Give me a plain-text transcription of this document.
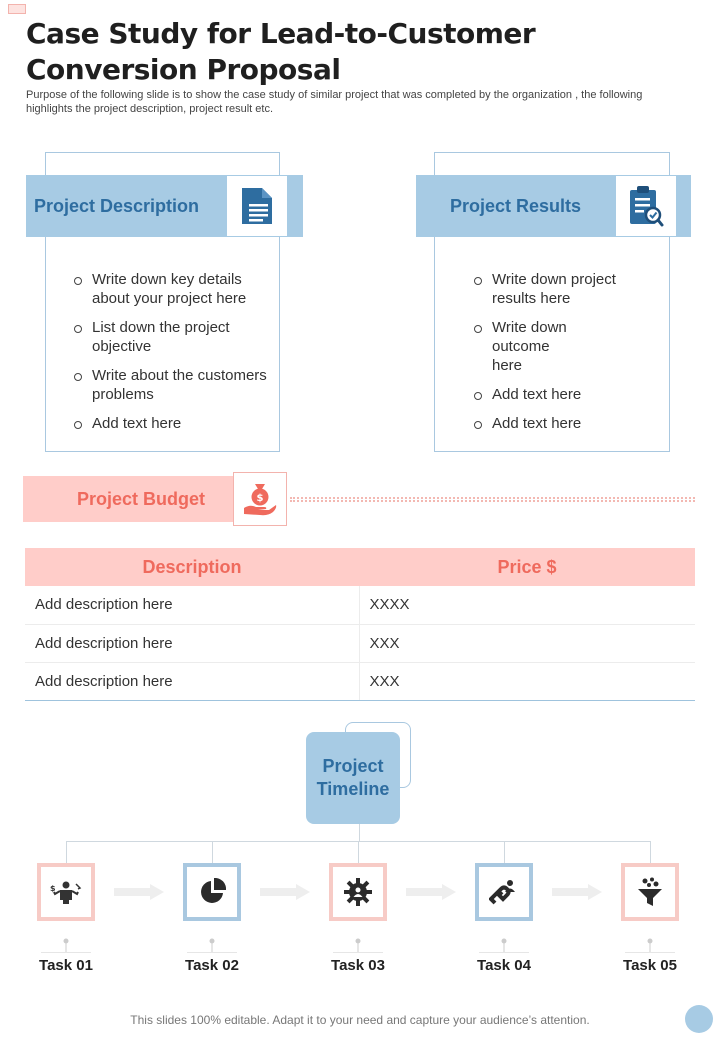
Case Study for Lead-to-Customer
Conversion Proposal

Purpose of the following slide is to show the case study of similar project that was completed by the organization , the following highlights the project description, project result etc.

Project Description
Write down key details about your project here
List down the project objective
Write about the customers problems
Add text here
Project Results
Write down project results here
Write down outcome here
Add text here
Add text here
Project Budget	$
Description	Price $
Add description here	XXXX
Add description here	XXX
Add description here	XXX
Project
Timeline
$
Task 01	Task 02	Task 03	Task 04	Task 05
This slides 100% editable. Adapt it to your need and capture your audience’s attention.
